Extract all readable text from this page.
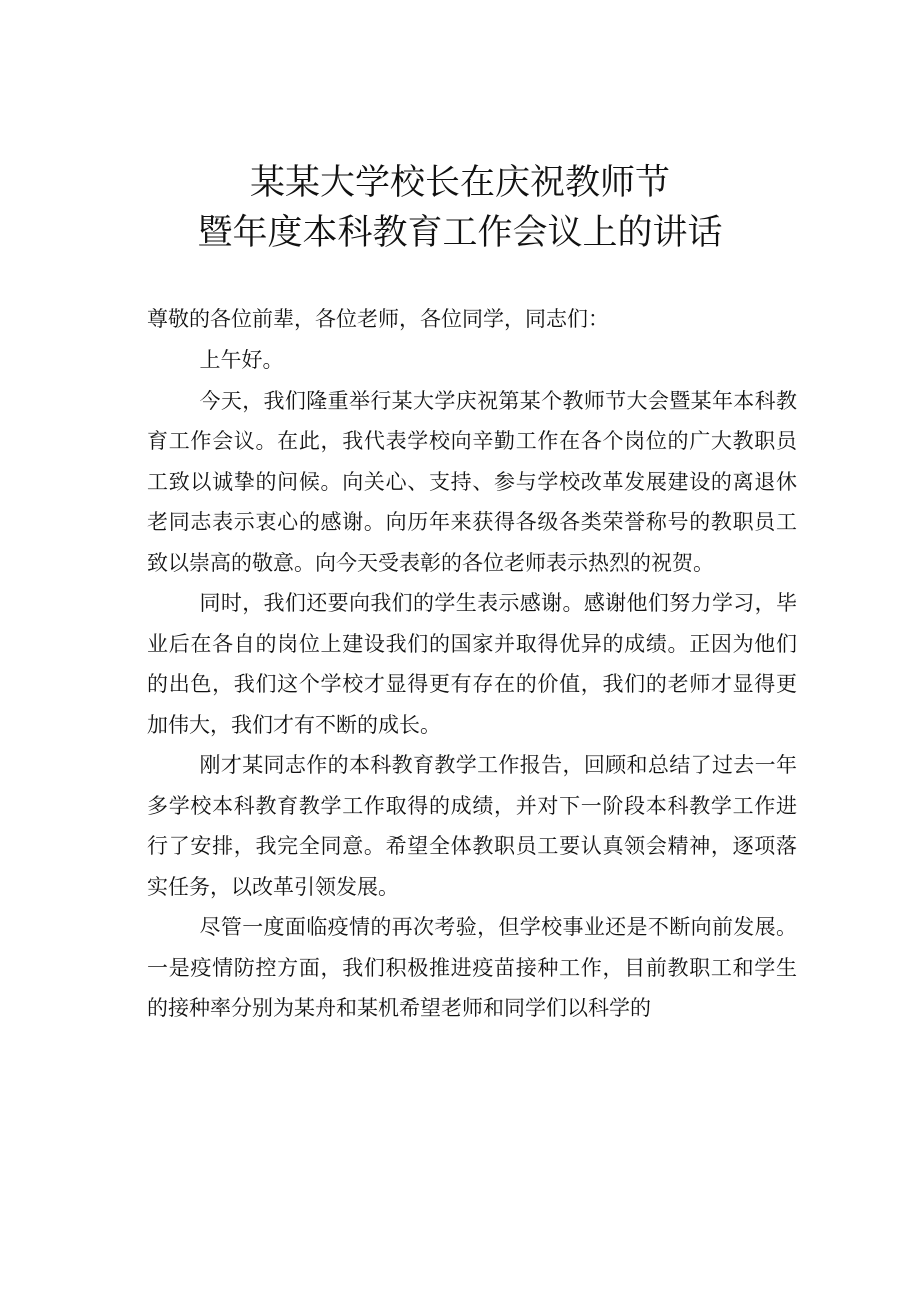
某某大学校长在庆祝教师节
暨年度本科教育工作会议上的讲话
尊敬的各位前辈，各位老师，各位同学，同志们：

上午好。

今天，我们隆重举行某大学庆祝第某个教师节大会暨某年本科教育工作会议。在此，我代表学校向辛勤工作在各个岗位的广大教职员工致以诚挚的问候。向关心、支持、参与学校改革发展建设的离退休老同志表示衷心的感谢。向历年来获得各级各类荣誉称号的教职员工致以崇高的敬意。向今天受表彰的各位老师表示热烈的祝贺。

同时，我们还要向我们的学生表示感谢。感谢他们努力学习，毕业后在各自的岗位上建设我们的国家并取得优异的成绩。正因为他们的出色，我们这个学校才显得更有存在的价值，我们的老师才显得更加伟大，我们才有不断的成长。

刚才某同志作的本科教育教学工作报告，回顾和总结了过去一年多学校本科教育教学工作取得的成绩，并对下一阶段本科教学工作进行了安排，我完全同意。希望全体教职员工要认真领会精神，逐项落实任务，以改革引领发展。

尽管一度面临疫情的再次考验，但学校事业还是不断向前发展。一是疫情防控方面，我们积极推进疫苗接种工作，目前教职工和学生的接种率分别为某舟和某机希望老师和同学们以科学的
